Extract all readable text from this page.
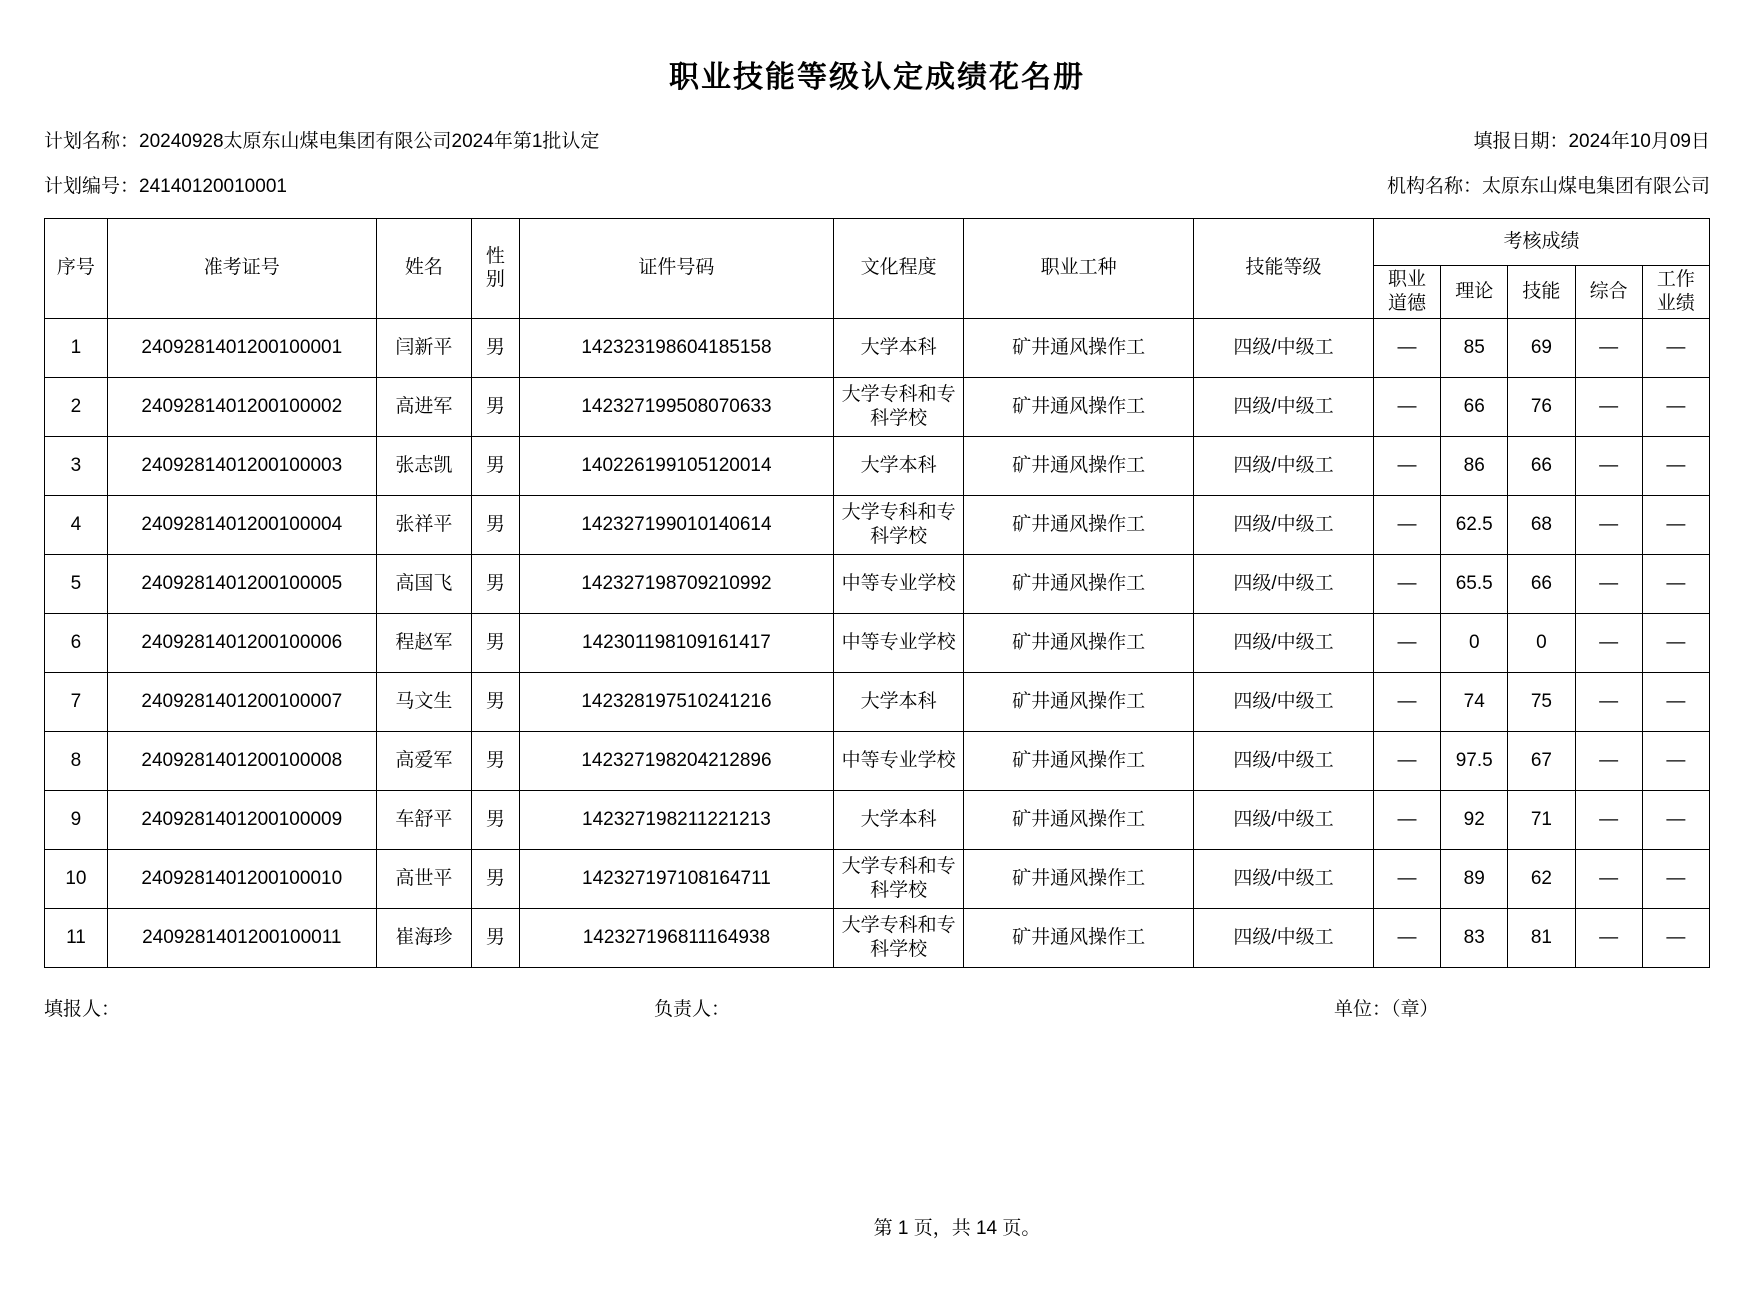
职业技能等级认定成绩花名册
计划名称：20240928太原东山煤电集团有限公司2024年第1批认定	填报日期：2024年10月09日
计划编号：24140120010001	机构名称：太原东山煤电集团有限公司
序号	准考证号	姓名	性
别	证件号码	文化程度	职业工种	技能等级	考核成绩				
								职业
道德	理论	技能	综合	工作
业绩
1	2409281401200100001	闫新平	男	142323198604185158	大学本科	矿井通风操作工	四级/中级工	—	85	69	—	—
2	2409281401200100002	高进军	男	142327199508070633	大学专科和专科学校	矿井通风操作工	四级/中级工	—	66	76	—	—
3	2409281401200100003	张志凯	男	140226199105120014	大学本科	矿井通风操作工	四级/中级工	—	86	66	—	—
4	2409281401200100004	张祥平	男	142327199010140614	大学专科和专科学校	矿井通风操作工	四级/中级工	—	62.5	68	—	—
5	2409281401200100005	高国飞	男	142327198709210992	中等专业学校	矿井通风操作工	四级/中级工	—	65.5	66	—	—
6	2409281401200100006	程赵军	男	142301198109161417	中等专业学校	矿井通风操作工	四级/中级工	—	0	0	—	—
7	2409281401200100007	马文生	男	142328197510241216	大学本科	矿井通风操作工	四级/中级工	—	74	75	—	—
8	2409281401200100008	高爱军	男	142327198204212896	中等专业学校	矿井通风操作工	四级/中级工	—	97.5	67	—	—
9	2409281401200100009	车舒平	男	142327198211221213	大学本科	矿井通风操作工	四级/中级工	—	92	71	—	—
10	2409281401200100010	高世平	男	142327197108164711	大学专科和专科学校	矿井通风操作工	四级/中级工	—	89	62	—	—
11	2409281401200100011	崔海珍	男	142327196811164938	大学专科和专科学校	矿井通风操作工	四级/中级工	—	83	81	—	—
填报人：	负责人：	单位：（章）
第 1 页，共 14 页。
